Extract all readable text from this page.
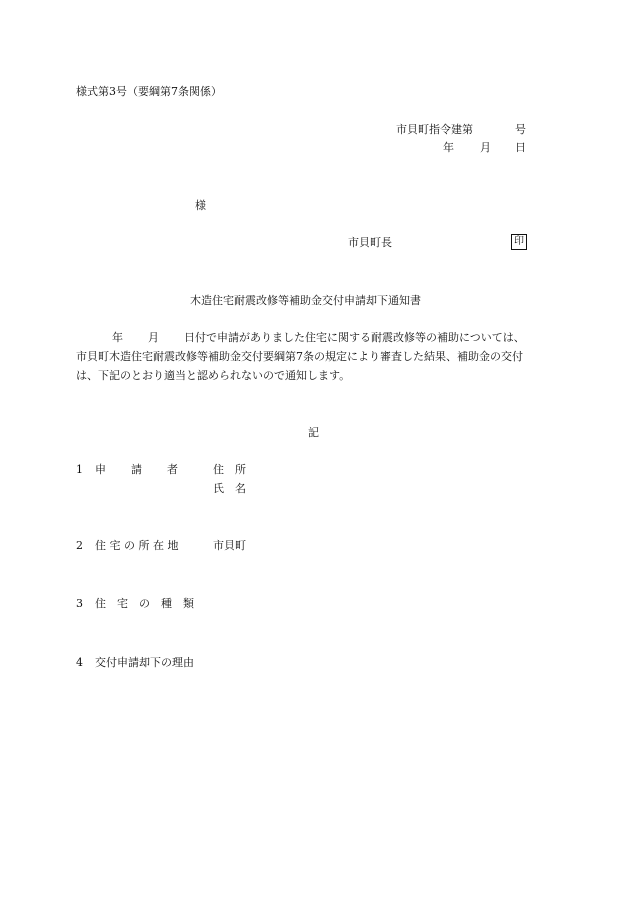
様式第3号（要綱第7条関係）
市貝町指令建第	号
年 月 日
様
市貝町長	印
木造住宅耐震改修等補助金交付申請却下通知書
年 月 日付で申請がありました住宅に関する耐震改修等の補助については、
市貝町木造住宅耐震改修等補助金交付要綱第7条の規定により審査した結果、補助金の交付
は、下記のとおり適当と認められないので通知します。
記
1 申 請 者	住　所
氏　名
2 住 宅 の 所 在 地	市貝町
3 住　宅　の　種　類
4 交付申請却下の理由
